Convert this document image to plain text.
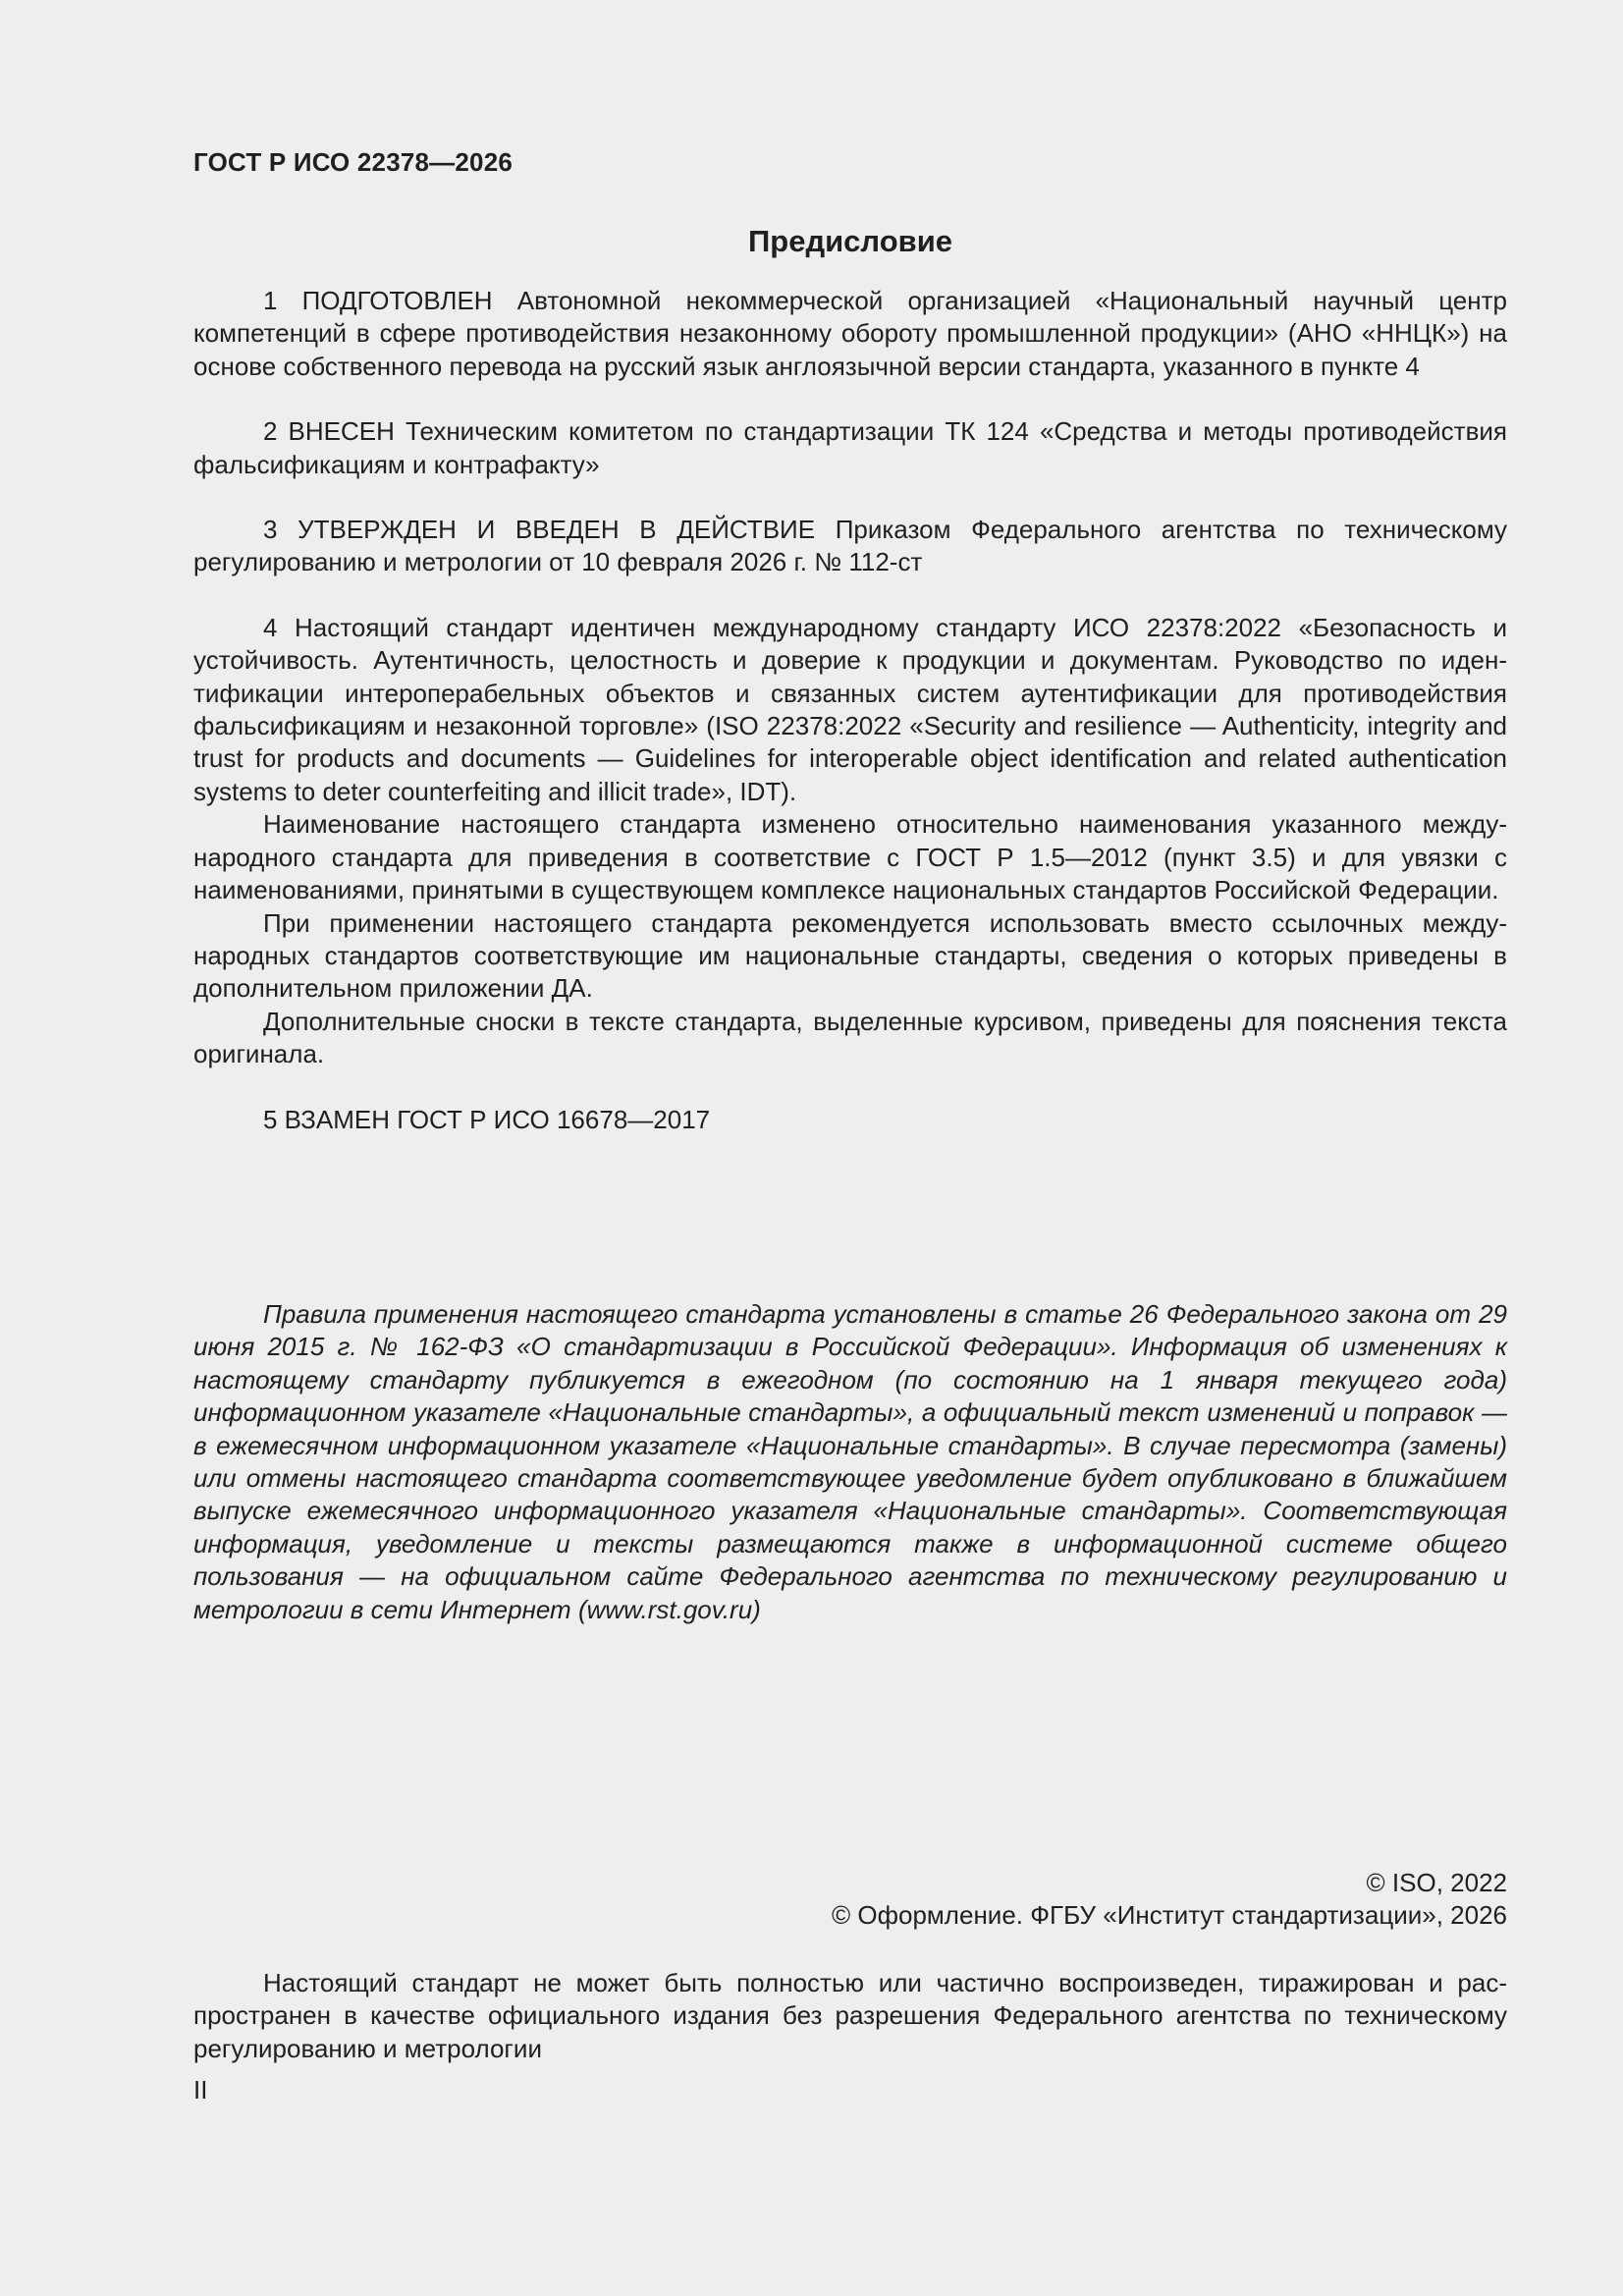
ГОСТ Р ИСО 22378—2026
Предисловие

1 ПОДГОТОВЛЕН Автономной некоммерческой организацией «Национальный научный центр компетенций в сфере противодействия незаконному обороту промышленной продукции» (АНО «ННЦК») на основе собственного перевода на русский язык англоязычной версии стандарта, указанного в пункте 4

2 ВНЕСЕН Техническим комитетом по стандартизации ТК 124 «Средства и методы противодействия фальсификациям и контрафакту»

3 УТВЕРЖДЕН И ВВЕДЕН В ДЕЙСТВИЕ Приказом Федерального агентства по техническому регулированию и метрологии от 10 февраля 2026 г. № 112-ст

4 Настоящий стандарт идентичен международному стандарту ИСО 22378:2022 «Безопасность и устойчивость. Аутентичность, целостность и доверие к продукции и документам. Руководство по идентификации интероперабельных объектов и связанных систем аутентификации для противодействия фальсификациям и незаконной торговле» (ISO 22378:2022 «Security and resilience — Authenticity, integrity and trust for products and documents — Guidelines for interoperable object identification and related authentication systems to deter counterfeiting and illicit trade», IDT).

Наименование настоящего стандарта изменено относительно наименования указанного международного стандарта для приведения в соответствие с ГОСТ Р 1.5—2012 (пункт 3.5) и для увязки с наименованиями, принятыми в существующем комплексе национальных стандартов Российской Федерации.

При применении настоящего стандарта рекомендуется использовать вместо ссылочных международных стандартов соответствующие им национальные стандарты, сведения о которых приведены в дополнительном приложении ДА.

Дополнительные сноски в тексте стандарта, выделенные курсивом, приведены для пояснения текста оригинала.

5 ВЗАМЕН ГОСТ Р ИСО 16678—2017

Правила применения настоящего стандарта установлены в статье 26 Федерального закона от 29 июня 2015 г. № 162-ФЗ «О стандартизации в Российской Федерации». Информация об изменениях к настоящему стандарту публикуется в ежегодном (по состоянию на 1 января текущего года) информационном указателе «Национальные стандарты», а официальный текст изменений и поправок — в ежемесячном информационном указателе «Национальные стандарты». В случае пересмотра (замены) или отмены настоящего стандарта соответствующее уведомление будет опубликовано в ближайшем выпуске ежемесячного информационного указателя «Национальные стандарты». Соответствующая информация, уведомление и тексты размещаются также в информационной системе общего пользования — на официальном сайте Федерального агентства по техническому регулированию и метрологии в сети Интернет (www.rst.gov.ru)

© ISO, 2022
© Оформление. ФГБУ «Институт стандартизации», 2026

Настоящий стандарт не может быть полностью или частично воспроизведен, тиражирован и распространен в качестве официального издания без разрешения Федерального агентства по техническому регулированию и метрологии

II
